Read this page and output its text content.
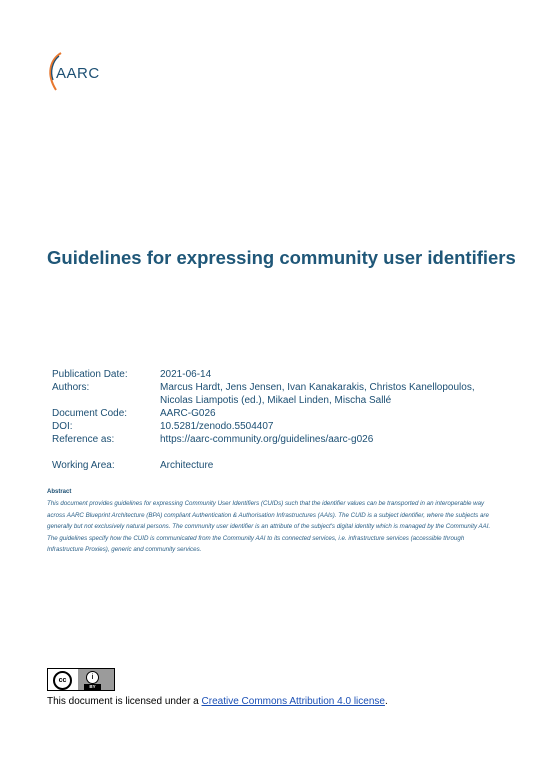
AARC
Guidelines for expressing community user identifiers
Publication Date:	2021-06-14
Authors:	Marcus Hardt, Jens Jensen, Ivan Kanakarakis, Christos Kanellopoulos, Nicolas Liampotis (ed.), Mikael Linden, Mischa Sallé
Document Code:	AARC-G026
DOI:	10.5281/zenodo.5504407
Reference as:	https://aarc-community.org/guidelines/aarc-g026
Working Area:	Architecture
Abstract
This document provides guidelines for expressing Community User Identifiers (CUIDs) such that the identifier values can be transported in an interoperable way across AARC Blueprint Architecture (BPA) compliant Authentication & Authorisation Infrastructures (AAIs). The CUID is a subject identifier, where the subjects are generally but not exclusively natural persons. The community user identifier is an attribute of the subject's digital identity which is managed by the Community AAI. The guidelines specify how the CUID is communicated from the Community AAI to its connected services, i.e. infrastructure services (accessible through Infrastructure Proxies), generic and community services.
cc	i
BY
This document is licensed under a Creative Commons Attribution 4.0 license.
